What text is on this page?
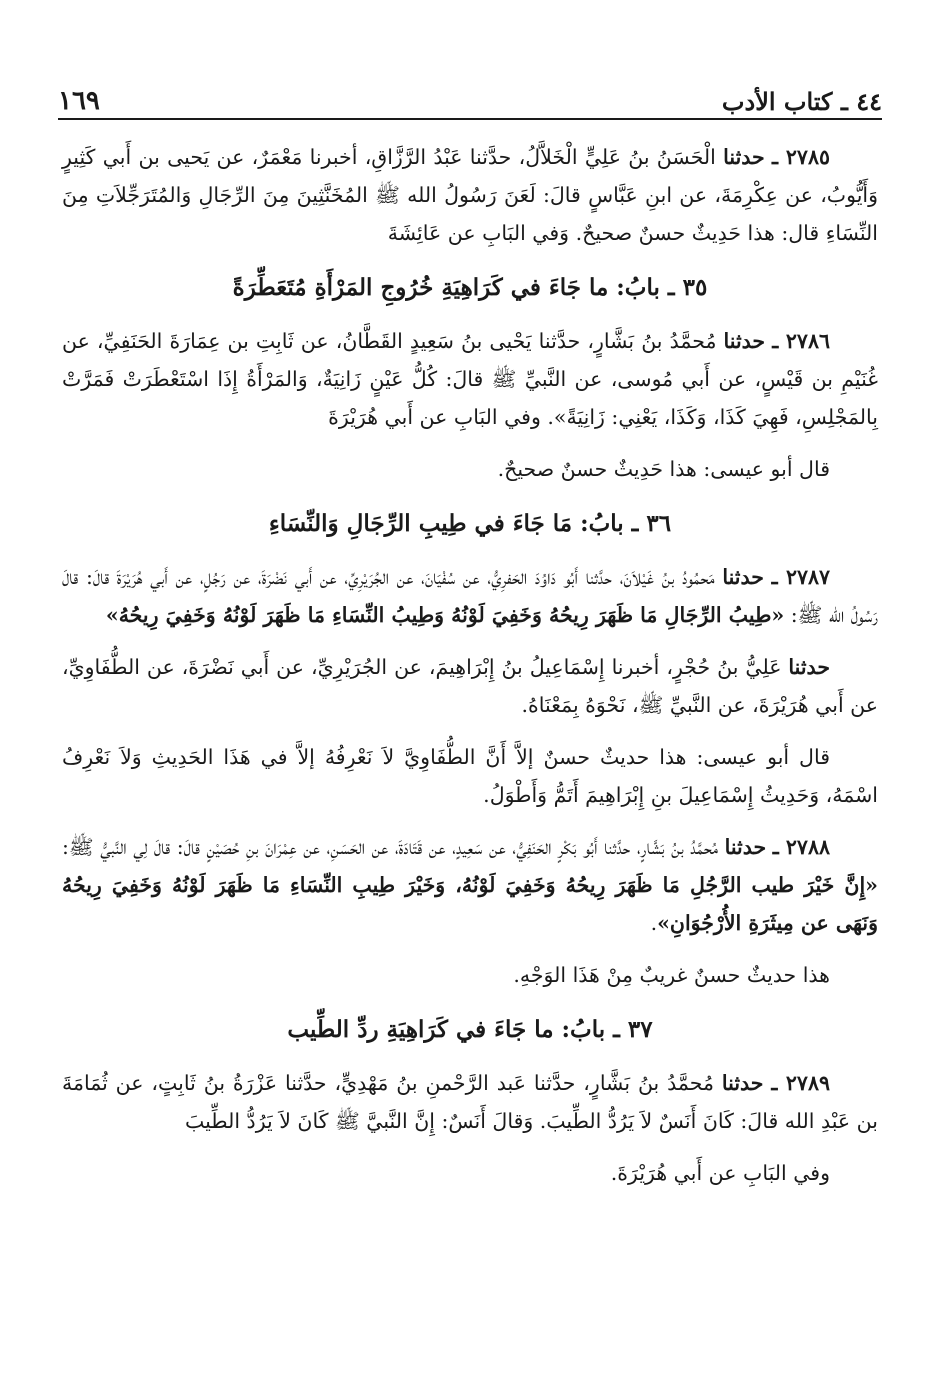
٤٤ ـ كتاب الأدب
١٦٩

٢٧٨٥ ـ حدثنا الْحَسَنُ بنُ عَلِيٍّ الْخَلاَّلُ، حدَّثنا عَبْدُ الرَّزَّاقِ، أخبرنا مَعْمَرٌ، عن يَحيى بن أَبي كَثِيرٍ وَأَيُّوبُ، عن عِكْرِمَةَ، عن ابنِ عَبَّاسٍ قالَ: لَعَنَ رَسُولُ الله ﷺ المُخَنَّثِينَ مِنَ الرِّجَالِ وَالمُتَرَجِّلاَتِ مِنَ النِّسَاءِ قال: هذا حَدِيثٌ حسنٌ صحيحٌ. وَفي البَابِ عن عَائِشَةَ

٣٥ ـ بابُ: ما جَاءَ في كَرَاهِيَةِ خُرُوجِ المَرْأَةِ مُتَعَطِّرَةً

٢٧٨٦ ـ حدثنا مُحمَّدُ بنُ بَشَّارٍ، حدَّثنا يَحْيى بنُ سَعِيدٍ القَطَّانُ، عن ثَابِتِ بن عِمَارَةَ الحَنَفِيِّ، عن غُنَيْمِ بن قَيْسٍ، عن أَبي مُوسى، عن النَّبيِّ ﷺ قالَ: كُلُّ عَيْنٍ زَانِيَةٌ، وَالمَرْأَةُ إِذَا اسْتَعْطَرَتْ فَمَرَّتْ بِالمَجْلِسِ، فَهِيَ كَذَا، وَكَذَا، يَعْنِي: زَانِيَةً». وفي البَابِ عن أَبي هُرَيْرَةَ

قال أبو عيسى: هذا حَدِيثٌ حسنٌ صحيحٌ.

٣٦ ـ بابُ: مَا جَاءَ في طِيبِ الرِّجَالِ وَالنِّسَاءِ

٢٧٨٧ ـ حدثنا مَحمُودُ بنُ غَيْلاَنَ، حدَّثنا أَبُو دَاوُدَ الحَفرِيُّ، عن سُفْيَانَ، عن الجُرَيْرِيِّ، عن أَبي نَضْرَةَ، عن رَجُلٍ، عن أَبي هُرَيْرَةَ قالَ: قالَ رَسُولُ الله ﷺ: «طِيبُ الرِّجَالِ مَا ظَهَرَ رِيحُهُ وَخَفِيَ لَوْنُهُ وَطِيبُ النِّسَاءِ مَا ظَهَرَ لَوْنُهُ وَخَفِيَ رِيحُهُ»

حدثنا عَلِيُّ بنُ حُجْرٍ، أخبرنا إِسْمَاعِيلُ بنُ إِبْرَاهِيمَ، عن الجُرَيْرِيِّ، عن أَبي نَضْرَةَ، عن الطُّفَاوِيِّ، عن أَبي هُرَيْرَةَ، عن النَّبيِّ ﷺ، نَحْوَهُ بِمَعْنَاهُ.

قال أبو عيسى: هذا حديثٌ حسنٌ إلاَّ أَنَّ الطُّفَاوِيَّ لاَ نَعْرِفُهُ إلاَّ في هَذَا الحَدِيثِ وَلاَ نَعْرِفُ اسْمَهُ، وَحَدِيثُ إِسْمَاعِيلَ بنِ إِبْرَاهِيمَ أَتَمُّ وَأَطْوَلُ.

٢٧٨٨ ـ حدثنا مُحمَّدُ بنُ بَشَّارٍ، حدَّثنا أَبُو بَكْرٍ الحَنَفِيُّ، عن سَعِيدٍ، عن قَتَادَةَ، عن الحَسَنِ، عن عِمْرَانَ بنِ حُصَيْنٍ قالَ: قالَ لِي النَّبيُّ ﷺ: «إِنَّ خَيْرَ طيب الرَّجُلِ مَا ظَهَرَ رِيحُهُ وَخَفِيَ لَوْنُهُ، وَخَيْرَ طِيبِ النِّسَاءِ مَا ظَهَرَ لَوْنُهُ وَخَفِيَ رِيحُهُ وَنَهَى عن مِيثَرَةِ الأُرْجُوَانِ».

هذا حديثٌ حسنٌ غريبٌ مِنْ هَذَا الوَجْهِ.

٣٧ ـ بابُ: ما جَاءَ في كَرَاهِيَةِ ردِّ الطِّيب

٢٧٨٩ ـ حدثنا مُحمَّدُ بنُ بَشَّارٍ، حدَّثنا عَبد الرَّحْمنِ بنُ مَهْدِيٍّ، حدَّثنا عَزْرَةُ بنُ ثَابِتٍ، عن ثُمَامَةَ بن عَبْدِ الله قالَ: كَانَ أَنَسٌ لاَ يَرُدُّ الطِّيبَ. وَقالَ أَنَسٌ: إِنَّ النَّبيَّ ﷺ كَانَ لاَ يَرُدُّ الطِّيبَ

وفي البَابِ عن أَبي هُرَيْرَةَ.
